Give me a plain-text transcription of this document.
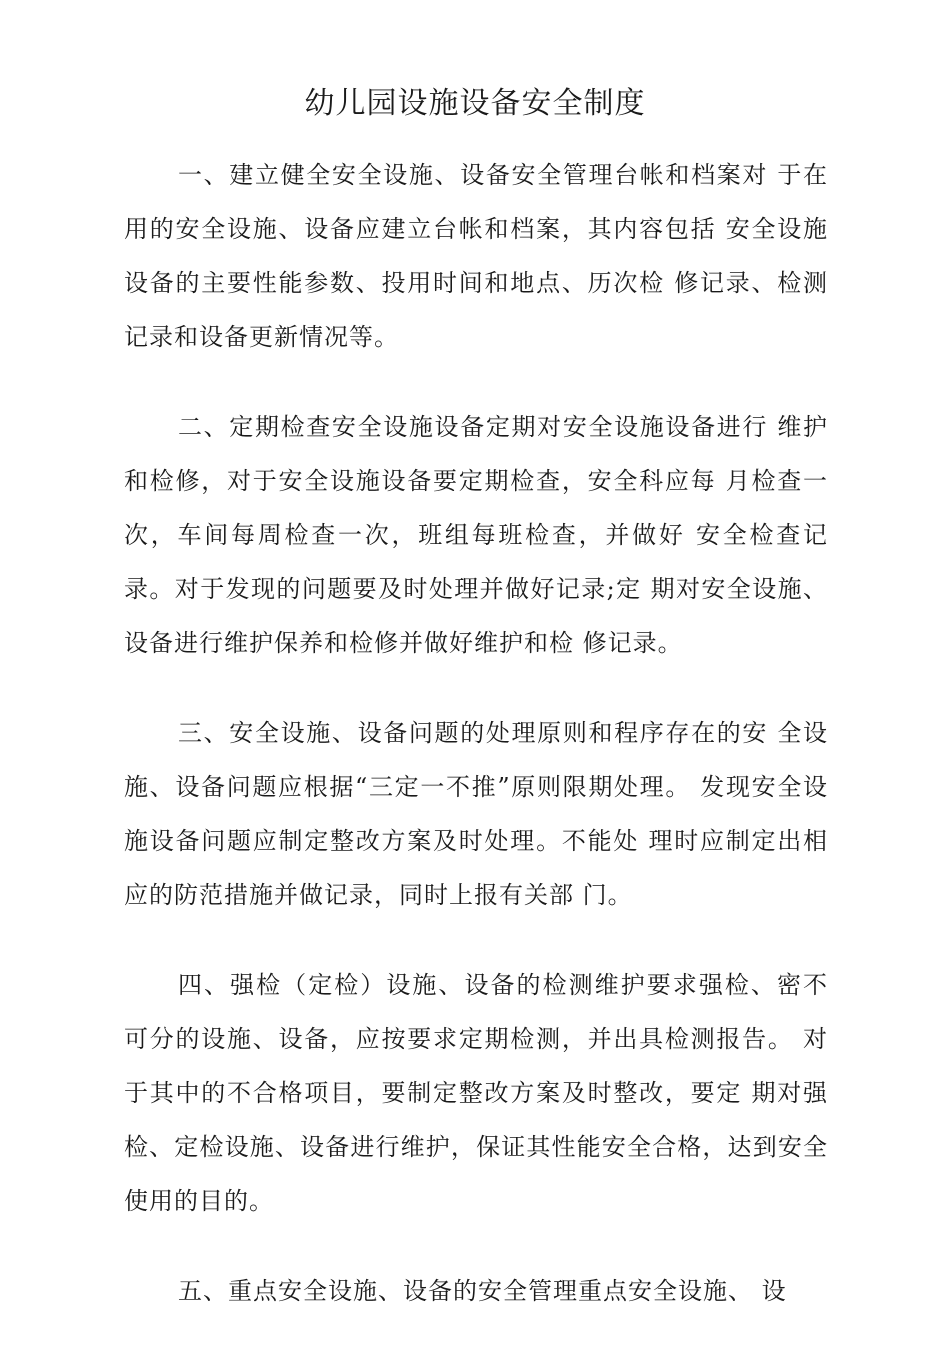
幼儿园设施设备安全制度

一、建立健全安全设施、设备安全管理台帐和档案对 于在用的安全设施、设备应建立台帐和档案，其内容包括 安全设施设备的主要性能参数、投用时间和地点、历次检 修记录、检测记录和设备更新情况等。

二、定期检查安全设施设备定期对安全设施设备进行 维护和检修，对于安全设施设备要定期检查，安全科应每 月检查一次，车间每周检查一次，班组每班检查，并做好 安全检查记录。对于发现的问题要及时处理并做好记录;定 期对安全设施、设备进行维护保养和检修并做好维护和检 修记录。

三、安全设施、设备问题的处理原则和程序存在的安 全设施、设备问题应根据“三定一不推”原则限期处理。 发现安全设施设备问题应制定整改方案及时处理。不能处 理时应制定出相应的防范措施并做记录，同时上报有关部 门。

四、强检（定检）设施、设备的检测维护要求强检、密不 可分的设施、设备，应按要求定期检测，并出具检测报告。 对于其中的不合格项目，要制定整改方案及时整改，要定 期对强检、定检设施、设备进行维护，保证其性能安全合格，达到安全使用的目的。

五、重点安全设施、设备的安全管理重点安全设施、 设
